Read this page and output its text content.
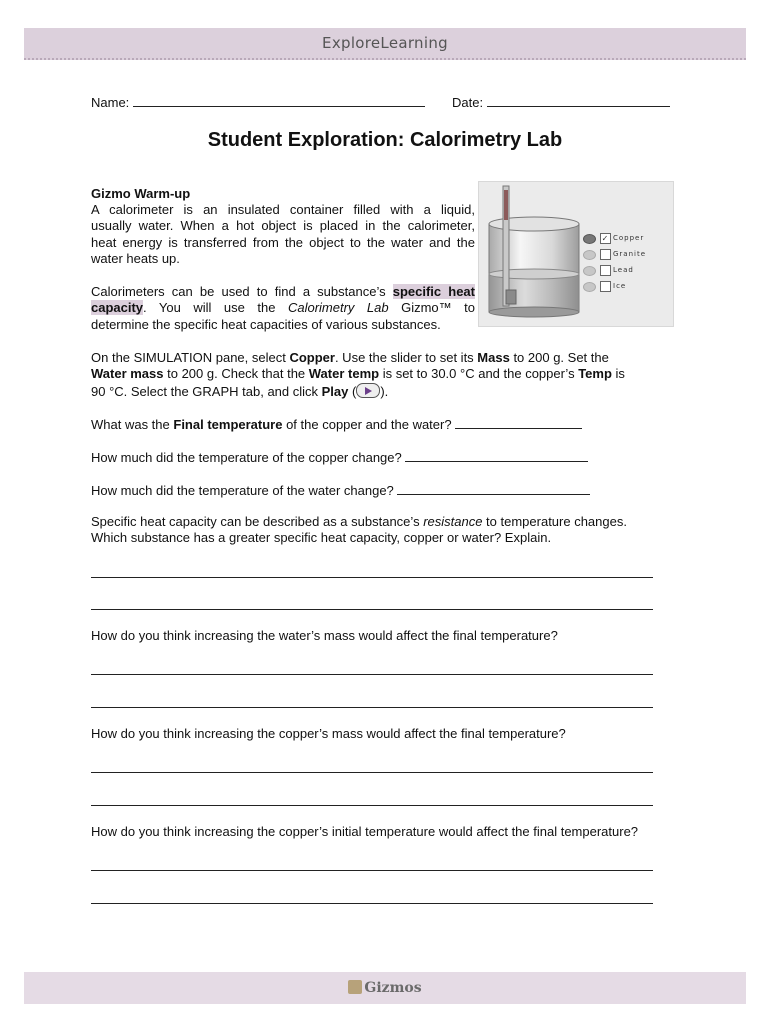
ExploreLearning
Name:	Date:
Student Exploration: Calorimetry Lab
Gizmo Warm-up
A calorimeter is an insulated container filled with a liquid,
usually water. When a hot object is placed in the calorimeter,
heat energy is transferred from the object to the water and the
water heats up.
Calorimeters can be used to find a substance’s specific heat
capacity. You will use the Calorimetry Lab Gizmo™ to
determine the specific heat capacities of various substances.
✓ Copper
Granite
Lead
Ice
On the SIMULATION pane, select Copper. Use the slider to set its Mass to 200 g. Set the
Water mass to 200 g. Check that the Water temp is set to 30.0 °C and the copper’s Temp is
90 °C. Select the GRAPH tab, and click Play ( ).
What was the Final temperature of the copper and the water?
How much did the temperature of the copper change?
How much did the temperature of the water change?
Specific heat capacity can be described as a substance’s resistance to temperature changes.
Which substance has a greater specific heat capacity, copper or water? Explain.
How do you think increasing the water’s mass would affect the final temperature?
How do you think increasing the copper’s mass would affect the final temperature?
How do you think increasing the copper’s initial temperature would affect the final temperature?
Gizmos
